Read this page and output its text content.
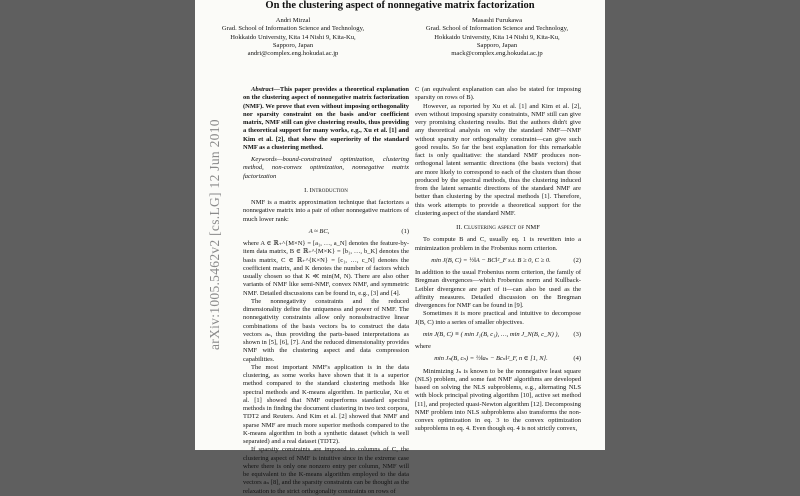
On the clustering aspect of nonnegative matrix factorization
Andri Mirzal
Grad. School of Information Science and Technology,
Hokkaido University, Kita 14 Nishi 9, Kita-Ku,
Sapporo, Japan
andri@complex.eng.hokudai.ac.jp
Masashi Furukawa
Grad. School of Information Science and Technology,
Hokkaido University, Kita 14 Nishi 9, Kita-Ku,
Sapporo, Japan
mack@complex.eng.hokudai.ac.jp

Abstract—This paper provides a theoretical explanation on the clustering aspect of nonnegative matrix factorization (NMF). We prove that even without imposing orthogonality nor sparsity constraint on the basis and/or coefficient matrix, NMF still can give clustering results, thus providing a theoretical support for many works, e.g., Xu et al. [1] and Kim et al. [2], that show the superiority of the standard NMF as a clustering method.

Keywords—bound-constrained optimization, clustering method, non-convex optimization, nonnegative matrix factorization

I. Introduction

NMF is a matrix approximation technique that factorizes a nonnegative matrix into a pair of other nonnegative matrices of much lower rank:

A ≈ BC,	(1)

where A ∈ ℝ₊^{M×N} = [a₁, …, a_N] denotes the feature-by-item data matrix, B ∈ ℝ₊^{M×K} = [b₁, …, b_K] denotes the basis matrix, C ∈ ℝ₊^{K×N} = [c₁, …, c_N] denotes the coefficient matrix, and K denotes the number of factors which usually chosen so that K ≪ min(M, N). There are also other variants of NMF like semi-NMF, convex NMF, and symmetric NMF. Detailed discussions can be found in, e.g., [3] and [4].

The nonnegativity constraints and the reduced dimensionality define the uniqueness and power of NMF. The nonnegativity constraints allow only nonsubstractive linear combinations of the basis vectors bₖ to construct the data vectors aₙ, thus providing the parts-based interpretations as shown in [5], [6], [7]. And the reduced dimensionality provides NMF with the clustering aspect and data compression capabilities.

The most important NMF's application is in the data clustering, as some works have shown that it is a superior method compared to the standard clustering methods like spectral methods and K-means algorithm. In particular, Xu et al. [1] showed that NMF outperforms standard spectral methods in finding the document clustering in two text corpora, TDT2 and Reuters. And Kim et al. [2] showed that NMF and sparse NMF are much more superior methods compared to the K-means algorithm in both a synthetic dataset (which is well separated) and a real dataset (TDT2).

If sparsity constraints are imposed to columns of C, the clustering aspect of NMF is intuitive since in the extreme case where there is only one nonzero entry per column, NMF will be equivalent to the K-means algorithm employed to the data vectors aₙ [8], and the sparsity constraints can be thought as the relaxation to the strict orthogonality constraints on rows of

C (an equivalent explanation can also be stated for imposing sparsity on rows of B).

However, as reported by Xu et al. [1] and Kim et al. [2], even without imposing sparsity constraints, NMF still can give very promising clustering results. But the authors didn't give any theoretical analysis on why the standard NMF—NMF without sparsity nor orthogonality constraint—can give such good results. So far the best explanation for this remarkable fact is only qualitative: the standard NMF produces non-orthogonal latent semantic directions (the basis vectors) that are more likely to correspond to each of the clusters than those produced by the spectral methods, thus the clustering induced from the latent semantic directions of the standard NMF are better than clustering by the spectral methods [1]. Therefore, this work attempts to provide a theoretical support for the clustering aspect of the standard NMF.

II. Clustering aspect of NMF

To compute B and C, usually eq. 1 is rewritten into a minimization problem in the Frobenius norm criterion.

min J(B, C) = ½‖A − BC‖²_F s.t. B ≥ 0, C ≥ 0.	(2)

In addition to the usual Frobenius norm criterion, the family of Bregman divergences—which Frobenius norm and Kullback-Leibler divergence are part of it—can also be used as the affinity measures. Detailed discussion on the Bregman divergences for NMF can be found in [9].

Sometimes it is more practical and intuitive to decompose J(B, C) into a series of smaller objectives.

min J(B, C) ≡ ( min J₁(B, c₁), …, min J_N(B, c_N) ),	(3)

where

min Jₙ(B, cₙ) = ½‖aₙ − Bcₙ‖²_F, n ∈ [1, N].	(4)

Minimizing Jₙ is known to be the nonnegative least square (NLS) problem, and some fast NMF algorithms are developed based on solving the NLS subproblems, e.g., alternating NLS with block principal pivoting algorithm [10], active set method [11], and projected quasi-Newton algorithm [12]. Decomposing NMF problem into NLS subproblems also transforms the non-convex optimization in eq. 3 to the convex optimization subproblems in eq. 4. Even though eq. 4 is not strictly convex,

arXiv:1005.5462v2 [cs.LG] 12 Jun 2010
